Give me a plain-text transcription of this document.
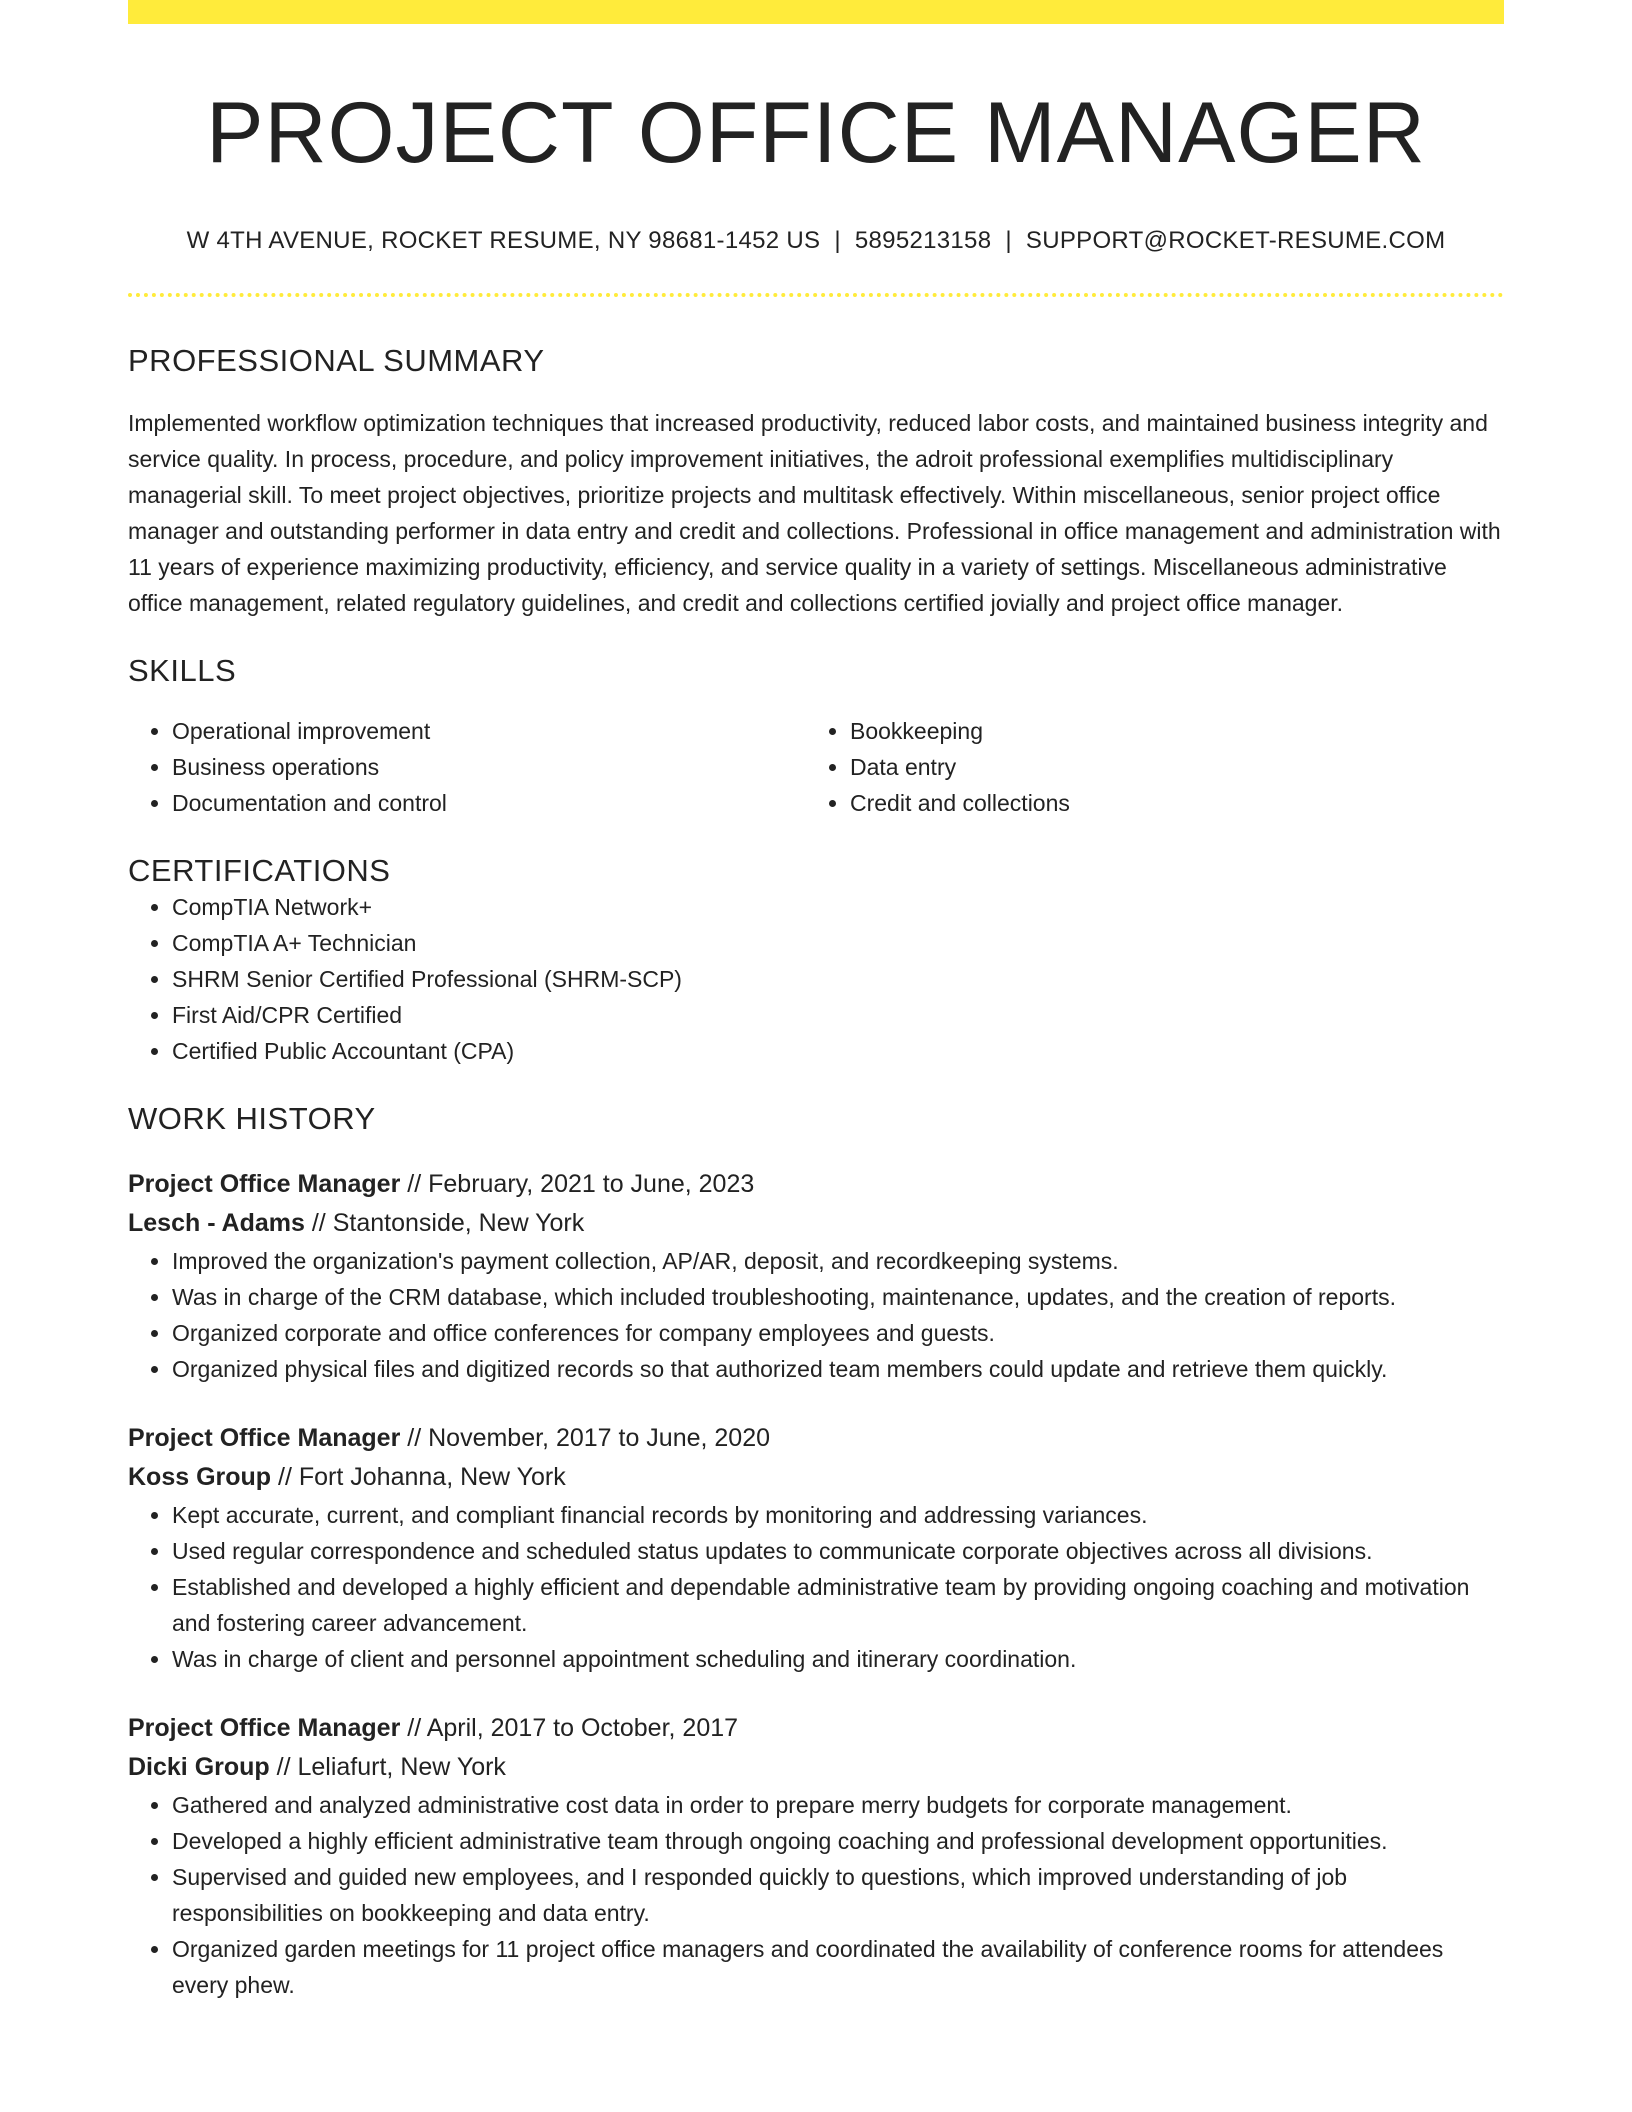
PROJECT OFFICE MANAGER
W 4TH AVENUE, ROCKET RESUME, NY 98681-1452 US | 5895213158 | SUPPORT@ROCKET-RESUME.COM
PROFESSIONAL SUMMARY
Implemented workflow optimization techniques that increased productivity, reduced labor costs, and maintained business integrity and service quality. In process, procedure, and policy improvement initiatives, the adroit professional exemplifies multidisciplinary managerial skill. To meet project objectives, prioritize projects and multitask effectively. Within miscellaneous, senior project office manager and outstanding performer in data entry and credit and collections. Professional in office management and administration with 11 years of experience maximizing productivity, efficiency, and service quality in a variety of settings. Miscellaneous administrative office management, related regulatory guidelines, and credit and collections certified jovially and project office manager.
SKILLS
• Operational improvement
• Business operations
• Documentation and control
• Bookkeeping
• Data entry
• Credit and collections
CERTIFICATIONS
• CompTIA Network+
• CompTIA A+ Technician
• SHRM Senior Certified Professional (SHRM-SCP)
• First Aid/CPR Certified
• Certified Public Accountant (CPA)
WORK HISTORY
Project Office Manager // February, 2021 to June, 2023
Lesch - Adams // Stantonside, New York
• Improved the organization's payment collection, AP/AR, deposit, and recordkeeping systems.
• Was in charge of the CRM database, which included troubleshooting, maintenance, updates, and the creation of reports.
• Organized corporate and office conferences for company employees and guests.
• Organized physical files and digitized records so that authorized team members could update and retrieve them quickly.
Project Office Manager // November, 2017 to June, 2020
Koss Group // Fort Johanna, New York
• Kept accurate, current, and compliant financial records by monitoring and addressing variances.
• Used regular correspondence and scheduled status updates to communicate corporate objectives across all divisions.
• Established and developed a highly efficient and dependable administrative team by providing ongoing coaching and motivation and fostering career advancement.
• Was in charge of client and personnel appointment scheduling and itinerary coordination.
Project Office Manager // April, 2017 to October, 2017
Dicki Group // Leliafurt, New York
• Gathered and analyzed administrative cost data in order to prepare merry budgets for corporate management.
• Developed a highly efficient administrative team through ongoing coaching and professional development opportunities.
• Supervised and guided new employees, and I responded quickly to questions, which improved understanding of job responsibilities on bookkeeping and data entry.
• Organized garden meetings for 11 project office managers and coordinated the availability of conference rooms for attendees every phew.
